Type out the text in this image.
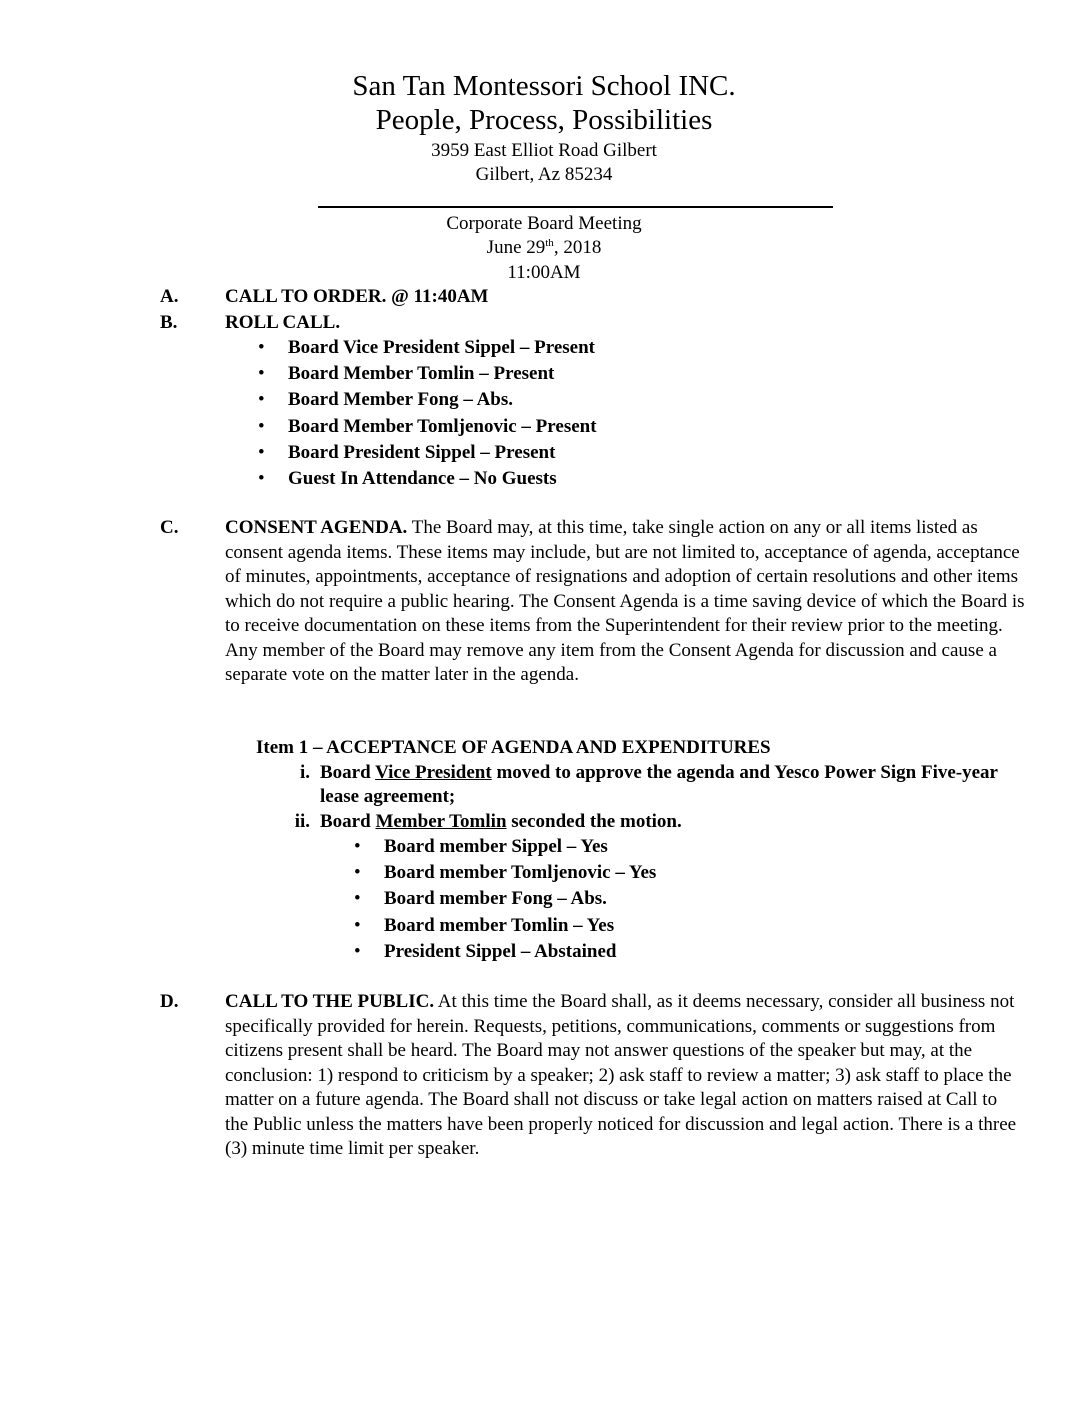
San Tan Montessori School INC.
People, Process, Possibilities
3959 East Elliot Road Gilbert
Gilbert, Az 85234
Corporate Board Meeting
June 29th, 2018
11:00AM
A. CALL TO ORDER. @ 11:40AM
B.	ROLL CALL.
• Board Vice President Sippel – Present
• Board Member Tomlin – Present
• Board Member Fong – Abs.
• Board Member Tomljenovic – Present
• Board President Sippel – Present
• Guest In Attendance – No Guests
C. CONSENT AGENDA. The Board may, at this time, take single action on any or all items listed as consent agenda items. These items may include, but are not limited to, acceptance of agenda, acceptance of minutes, appointments, acceptance of resignations and adoption of certain resolutions and other items which do not require a public hearing. The Consent Agenda is a time saving device of which the Board is to receive documentation on these items from the Superintendent for their review prior to the meeting. Any member of the Board may remove any item from the Consent Agenda for discussion and cause a separate vote on the matter later in the agenda.
Item 1 – ACCEPTANCE OF AGENDA AND EXPENDITURES
i. Board Vice President moved to approve the agenda and Yesco Power Sign Five-year lease agreement;
ii. Board Member Tomlin seconded the motion.
• Board member Sippel – Yes
• Board member Tomljenovic – Yes
• Board member Fong – Abs.
• Board member Tomlin – Yes
• President Sippel – Abstained
D. CALL TO THE PUBLIC. At this time the Board shall, as it deems necessary, consider all business not specifically provided for herein. Requests, petitions, communications, comments or suggestions from citizens present shall be heard. The Board may not answer questions of the speaker but may, at the conclusion: 1) respond to criticism by a speaker; 2) ask staff to review a matter; 3) ask staff to place the matter on a future agenda. The Board shall not discuss or take legal action on matters raised at Call to the Public unless the matters have been properly noticed for discussion and legal action. There is a three (3) minute time limit per speaker.
